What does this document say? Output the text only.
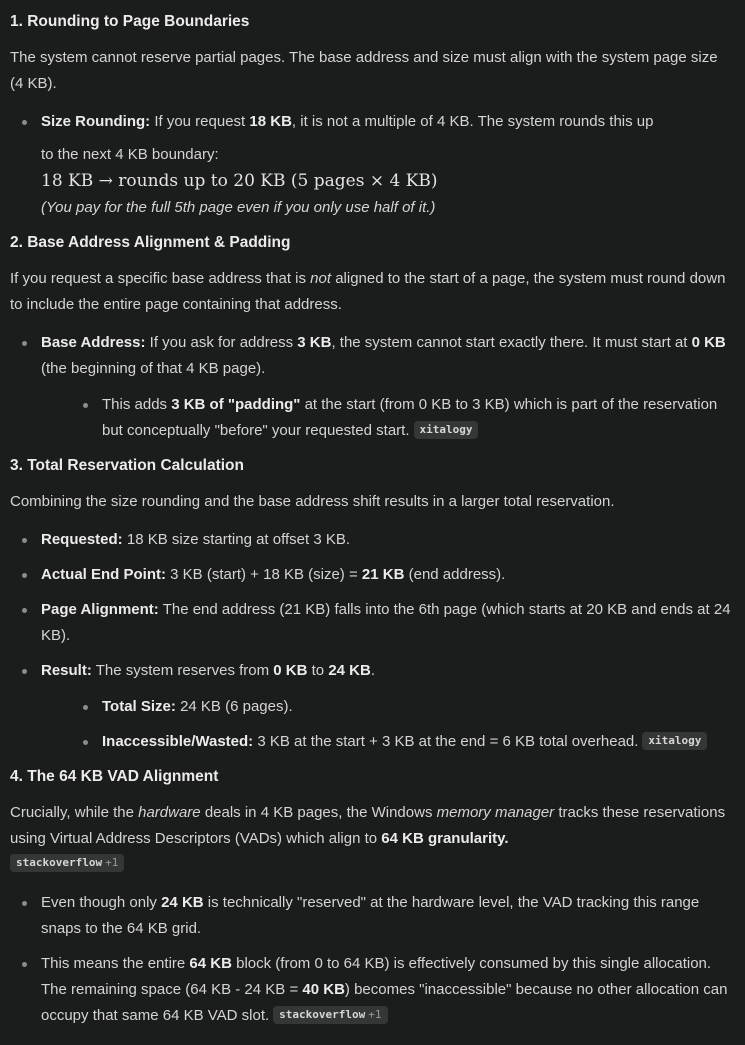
1. Rounding to Page Boundaries
The system cannot reserve partial pages. The base address and size must align with the system page size (4 KB).
Size Rounding: If you request 18 KB, it is not a multiple of 4 KB. The system rounds this up
to the next 4 KB boundary:
18 KB → rounds up to 20 KB (5 pages × 4 KB)
(You pay for the full 5th page even if you only use half of it.)
2. Base Address Alignment & Padding
If you request a specific base address that is not aligned to the start of a page, the system must round down to include the entire page containing that address.
Base Address: If you ask for address 3 KB, the system cannot start exactly there. It must start at 0 KB (the beginning of that 4 KB page).
This adds 3 KB of "padding" at the start (from 0 KB to 3 KB) which is part of the reservation but conceptually "before" your requested start. xitalogy
3. Total Reservation Calculation
Combining the size rounding and the base address shift results in a larger total reservation.
Requested: 18 KB size starting at offset 3 KB.
Actual End Point: 3 KB (start) + 18 KB (size) = 21 KB (end address).
Page Alignment: The end address (21 KB) falls into the 6th page (which starts at 20 KB and ends at 24 KB).
Result: The system reserves from 0 KB to 24 KB.
Total Size: 24 KB (6 pages).
Inaccessible/Wasted: 3 KB at the start + 3 KB at the end = 6 KB total overhead. xitalogy
4. The 64 KB VAD Alignment
Crucially, while the hardware deals in 4 KB pages, the Windows memory manager tracks these reservations using Virtual Address Descriptors (VADs) which align to 64 KB granularity.
stackoverflow +1
Even though only 24 KB is technically "reserved" at the hardware level, the VAD tracking this range snaps to the 64 KB grid.
This means the entire 64 KB block (from 0 to 64 KB) is effectively consumed by this single allocation. The remaining space (64 KB - 24 KB = 40 KB) becomes "inaccessible" because no other allocation can occupy that same 64 KB VAD slot. stackoverflow +1
